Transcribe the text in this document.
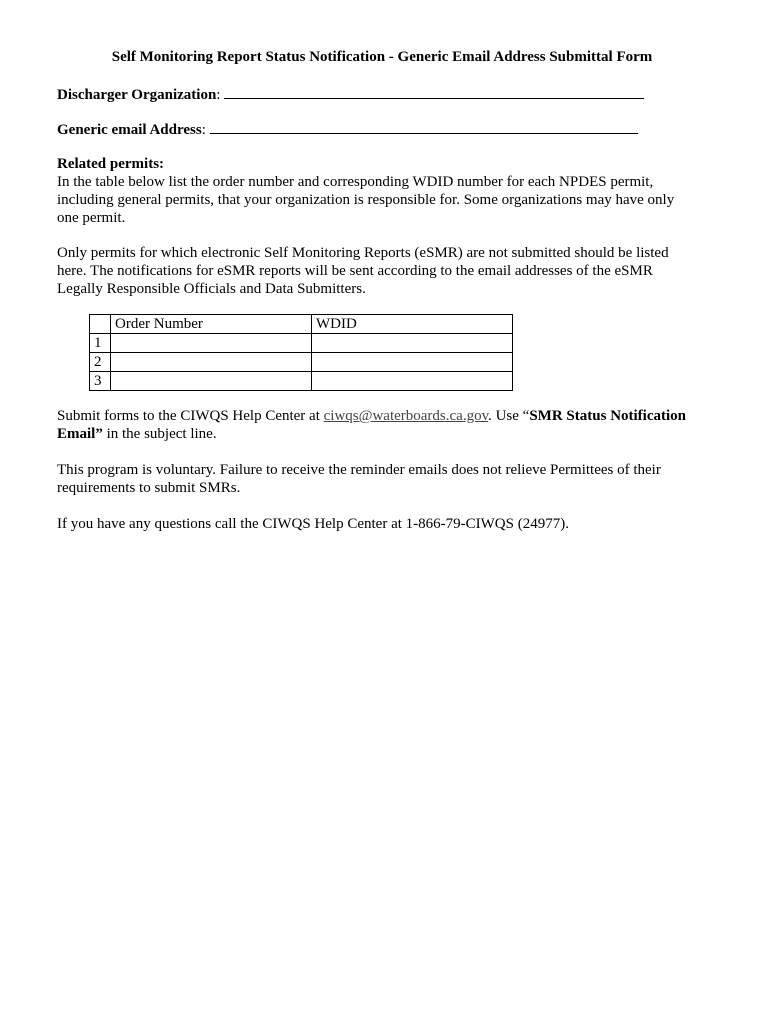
Self Monitoring Report Status Notification - Generic Email Address Submittal Form
Discharger Organization:
Generic email Address:
Related permits:
In the table below list the order number and corresponding WDID number for each NPDES permit, including general permits, that your organization is responsible for. Some organizations may have only one permit.
Only permits for which electronic Self Monitoring Reports (eSMR) are not submitted should be listed here. The notifications for eSMR reports will be sent according to the email addresses of the eSMR Legally Responsible Officials and Data Submitters.
	Order Number	WDID
1		
2		
3		
Submit forms to the CIWQS Help Center at ciwqs@waterboards.ca.gov. Use “SMR Status Notification Email” in the subject line.
This program is voluntary. Failure to receive the reminder emails does not relieve Permittees of their requirements to submit SMRs.
If you have any questions call the CIWQS Help Center at 1-866-79-CIWQS (24977).
